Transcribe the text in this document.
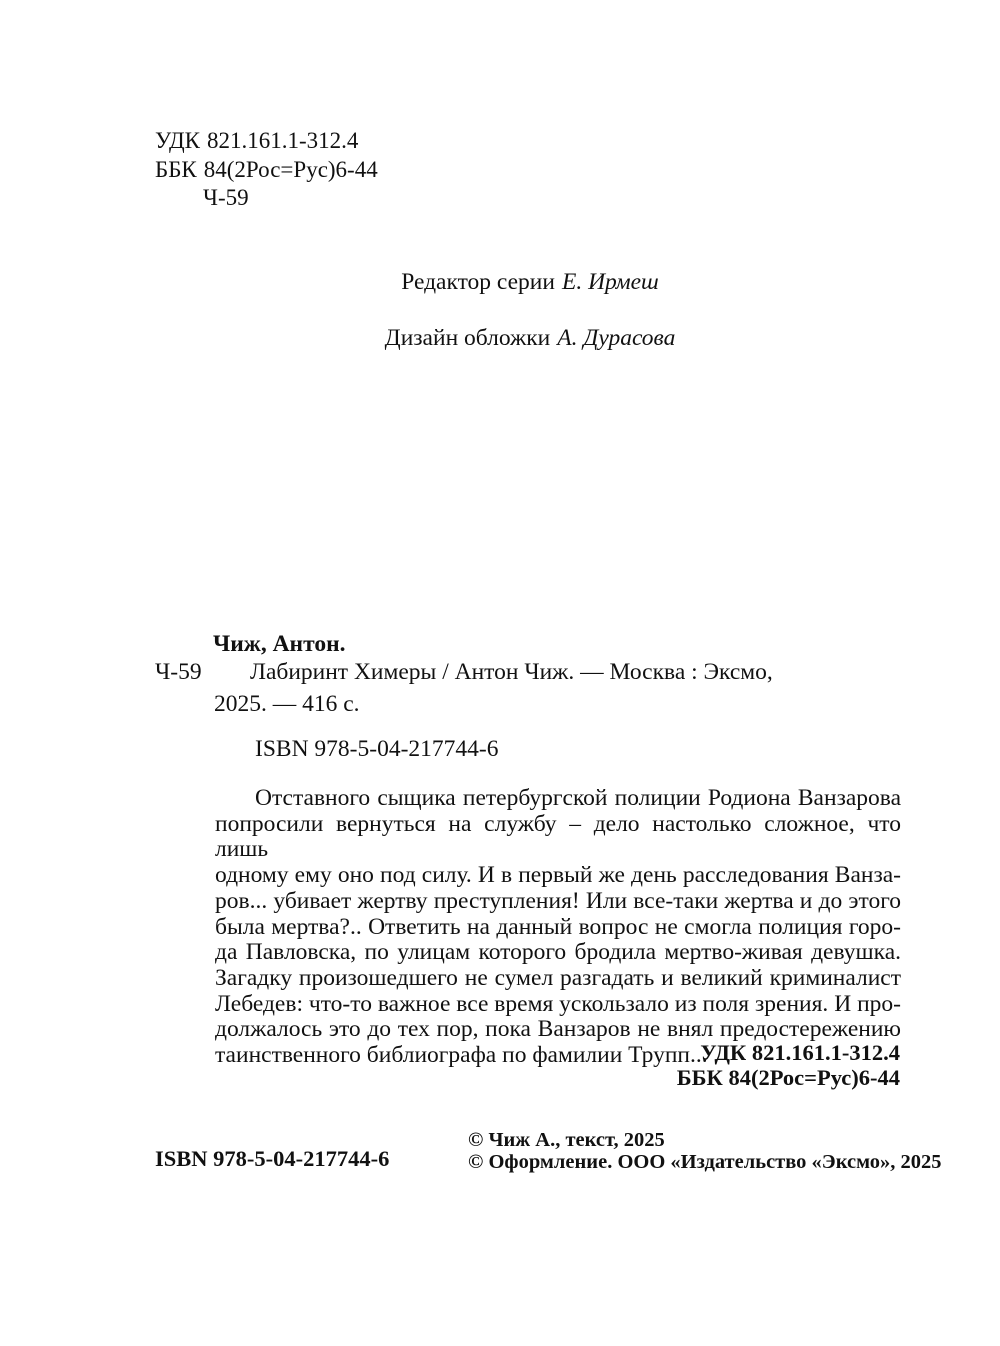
УДК 821.161.1-312.4
ББК 84(2Рос=Рус)6-44
Ч-59
Редактор серии Е. Ирмеш
Дизайн обложки А. Дурасова
Чиж, Антон.
Ч-59 Лабиринт Химеры / Антон Чиж. — Москва : Эксмо,
2025. — 416 с.
ISBN 978-5-04-217744-6
Отставного сыщика петербургской полиции Родиона Ванзарова
попросили вернуться на службу – дело настолько сложное, что лишь
одному ему оно под силу. И в первый же день расследования Ванза-
ров... убивает жертву преступления! Или все-таки жертва и до этого
была мертва?.. Ответить на данный вопрос не смогла полиция горо-
да Павловска, по улицам которого бродила мертво-живая девушка.
Загадку произошедшего не сумел разгадать и великий криминалист
Лебедев: что-то важное все время ускользало из поля зрения. И про-
должалось это до тех пор, пока Ванзаров не внял предостережению
таинственного библиографа по фамилии Трупп...
УДК 821.161.1-312.4
ББК 84(2Рос=Рус)6-44
ISBN 978-5-04-217744-6
© Чиж А., текст, 2025
© Оформление. ООО «Издательство «Эксмо», 2025
